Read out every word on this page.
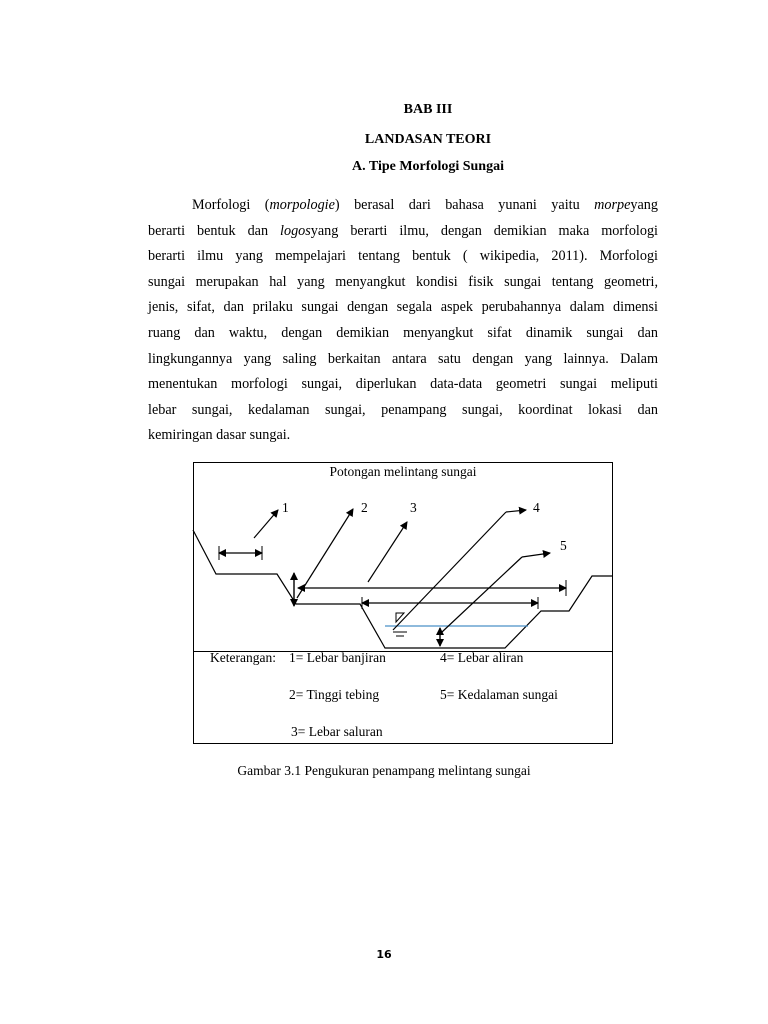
BAB III
LANDASAN TEORI
A. Tipe Morfologi Sungai
Morfologi (morpologie) berasal dari bahasa yunani yaitu morpeyang
berarti bentuk dan logosyang berarti ilmu, dengan demikian maka morfologi
berarti ilmu yang mempelajari tentang bentuk ( wikipedia, 2011). Morfologi
sungai merupakan hal yang menyangkut kondisi fisik sungai tentang geometri,
jenis, sifat, dan prilaku sungai dengan segala aspek perubahannya dalam dimensi
ruang dan waktu, dengan demikian menyangkut sifat dinamik sungai dan
lingkungannya yang saling berkaitan antara satu dengan yang lainnya. Dalam
menentukan morfologi sungai, diperlukan data-data geometri sungai meliputi
lebar sungai, kedalaman sungai, penampang sungai, koordinat lokasi dan
kemiringan dasar sungai.
Potongan melintang sungai
1	2	3	4
5
Keterangan: 1= Lebar banjiran
2= Tinggi tebing
3= Lebar saluran
4= Lebar aliran
5= Kedalaman sungai
Gambar 3.1 Pengukuran penampang melintang sungai
16
